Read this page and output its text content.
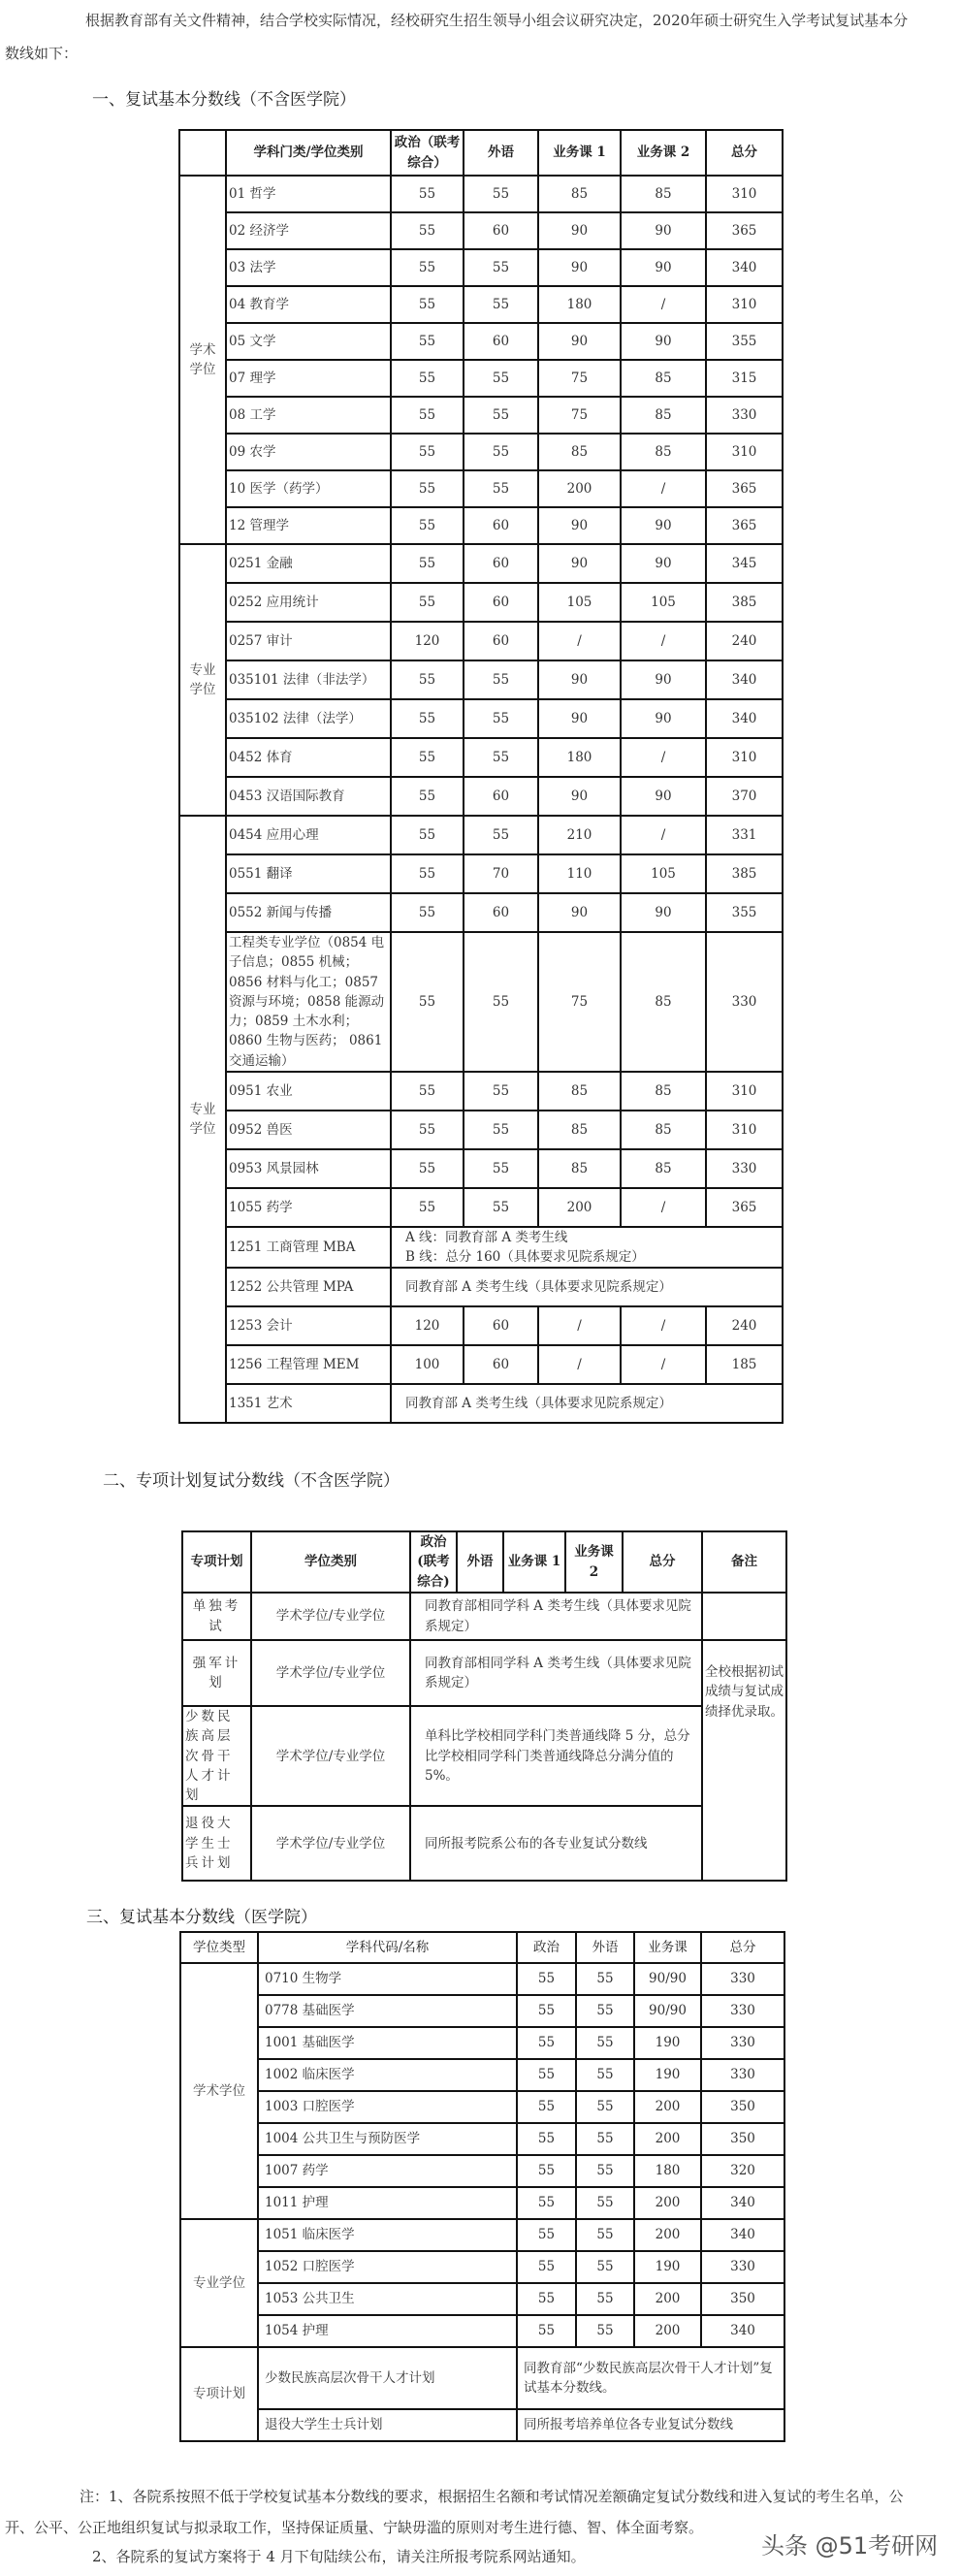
根据教育部有关文件精神，结合学校实际情况，经校研究生招生领导小组会议研究决定，2020年硕士研究生入学考试复试基本分
数线如下：
一、复试基本分数线（不含医学院）
	学科门类/学位类别	政治（联考综合）	外语	业务课 1	业务课 2	总分
学术学位	01 哲学	55	55	85	85	310
	02 经济学	55	60	90	90	365
	03 法学	55	55	90	90	340
	04 教育学	55	55	180	/	310
	05 文学	55	60	90	90	355
	07 理学	55	55	75	85	315
	08 工学	55	55	75	85	330
	09 农学	55	55	85	85	310
	10 医学（药学）	55	55	200	/	365
	12 管理学	55	60	90	90	365
专业学位	0251 金融	55	60	90	90	345
	0252 应用统计	55	60	105	105	385
	0257 审计	120	60	/	/	240
	035101 法律（非法学）	55	55	90	90	340
	035102 法律（法学）	55	55	90	90	340
	0452 体育	55	55	180	/	310
	0453 汉语国际教育	55	60	90	90	370
专业学位	0454 应用心理	55	55	210	/	331
	0551 翻译	55	70	110	105	385
	0552 新闻与传播	55	60	90	90	355
	工程类专业学位（0854 电子信息；0855 机械；0856 材料与化工；0857 资源与环境；0858 能源动力；0859 土木水利；0860 生物与医药； 0861 交通运输）	55	55	75	85	330
	0951 农业	55	55	85	85	310
	0952 兽医	55	55	85	85	310
	0953 风景园林	55	55	85	85	330
	1055 药学	55	55	200	/	365
	1251 工商管理 MBA	A 线：同教育部 A 类考生线
B 线：总分 160（具体要求见院系规定）				

	1252 公共管理 MPA	同教育部 A 类考生线（具体要求见院系规定）				

	1253 会计	120	60	/	/	240
	1256 工程管理 MEM	100	60	/	/	185
	1351 艺术	同教育部 A 类考生线（具体要求见院系规定）				
二、专项计划复试分数线（不含医学院）
专项计划	学位类别	政治(联考综合)	外语	业务课 1	业务课 2	总分	备注
单独考试	学术学位/专业学位	同教育部相同学科 A 类考生线（具体要求见院系规定）					
强军计划	学术学位/专业学位	同教育部相同学科 A 类考生线（具体要求见院系规定）					全校根据初试成绩与复试成绩择优录取。
少数民族高层次骨干人才计划	学术学位/专业学位	单科比学校相同学科门类普通线降 5 分，总分比学校相同学科门类普通线降总分满分值的 5%。					
退役大学生士兵计划	学术学位/专业学位	同所报考院系公布的各专业复试分数线					
三、复试基本分数线（医学院）
学位类型	学科代码/名称	政治	外语	业务课	总分
学术学位	0710 生物学	55	55	90/90	330
	0778 基础医学	55	55	90/90	330
	1001 基础医学	55	55	190	330
	1002 临床医学	55	55	190	330
	1003 口腔医学	55	55	200	350
	1004 公共卫生与预防医学	55	55	200	350
	1007 药学	55	55	180	320
	1011 护理	55	55	200	340
专业学位	1051 临床医学	55	55	200	340
	1052 口腔医学	55	55	190	330
	1053 公共卫生	55	55	200	350
	1054 护理	55	55	200	340
专项计划	少数民族高层次骨干人才计划	同教育部“少数民族高层次骨干人才计划”复试基本分数线。			

	退役大学生士兵计划	同所报考培养单位各专业复试分数线			
注：1、各院系按照不低于学校复试基本分数线的要求，根据招生名额和考试情况差额确定复试分数线和进入复试的考生名单，公
开、公平、公正地组织复试与拟录取工作，坚持保证质量、宁缺毋滥的原则对考生进行德、智、体全面考察。
2、各院系的复试方案将于 4 月下旬陆续公布，请关注所报考院系网站通知。	头条 @51考研网
